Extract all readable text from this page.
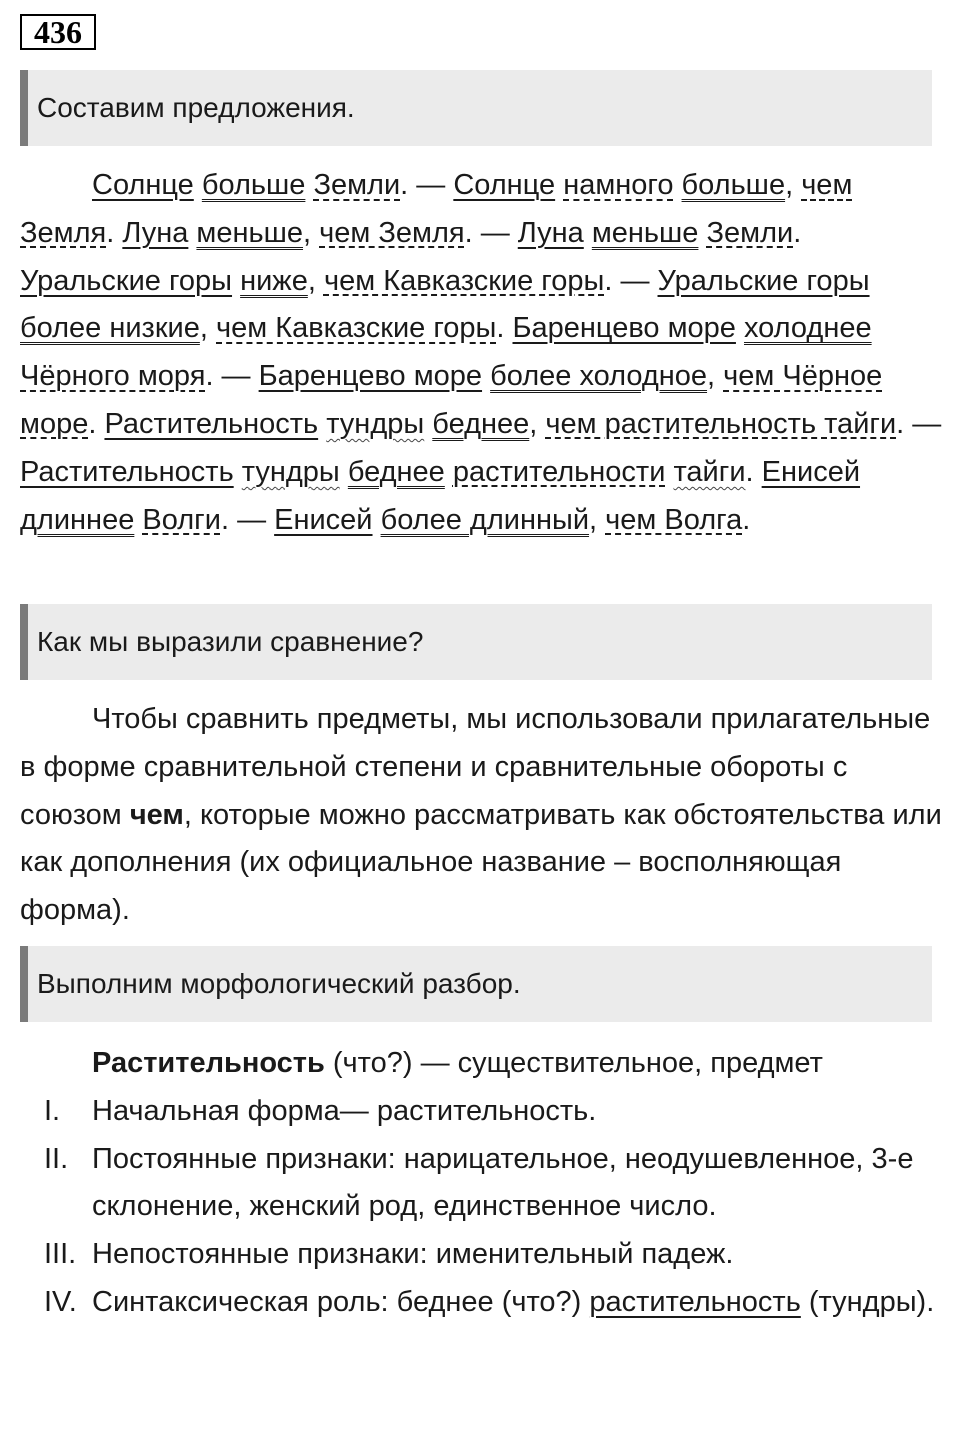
436
Составим предложения.

Солнце больше Земли. — Солнце намного больше, чем Земля. Луна меньше, чем Земля. — Луна меньше Земли. Уральские горы ниже, чем Кавказские горы. — Уральские горы более низкие, чем Кавказские горы. Баренцево море холоднее Чёрного моря. — Баренцево море более холодное, чем Чёрное море. Растительность тундры беднее, чем растительность тайги. — Растительность тундры беднее растительности тайги. Енисей длиннее Волги. — Енисей более длинный, чем Волга.

Как мы выразили сравнение?

Чтобы сравнить предметы, мы использовали прилагательные в форме сравнительной степени и сравнительные обороты с союзом чем, которые можно рассматривать как обстоятельства или как дополнения (их официальное название – восполняющая форма).

Выполним морфологический разбор.
Растительность (что?) — существительное, предмет
I.	Начальная форма— растительность.
II. Постоянные признаки: нарицательное, неодушевленное, 3-е склонение, женский род, единственное число.
III. Непостоянные признаки: именительный падеж.
IV. Синтаксическая роль: беднее (что?) растительность (тундры).
